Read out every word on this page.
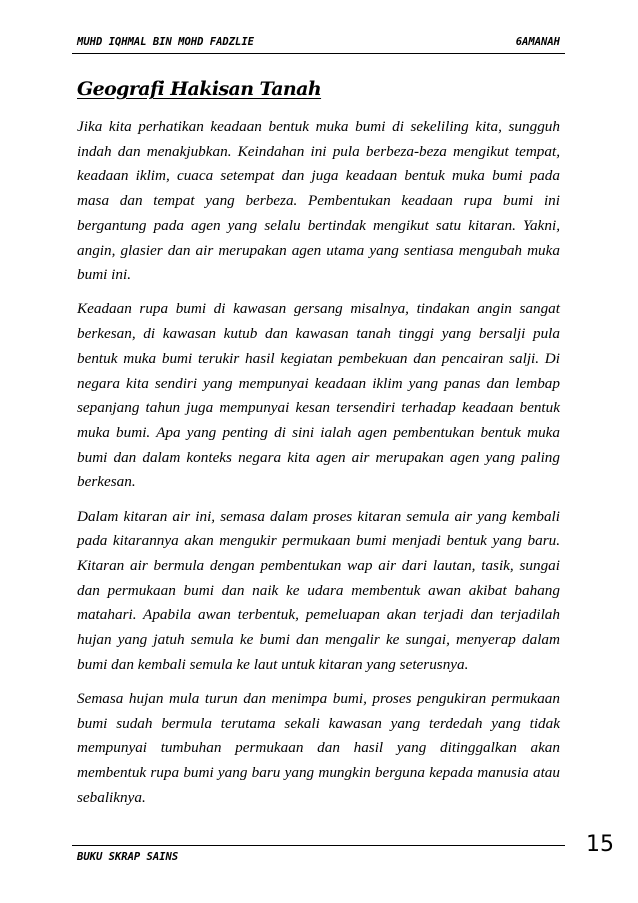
MUHD IQHMAL BIN MOHD FADZLIE	6AMANAH
Geografi Hakisan Tanah

Jika kita perhatikan keadaan bentuk muka bumi di sekeliling kita, sungguh indah dan menakjubkan. Keindahan ini pula berbeza-beza mengikut tempat, keadaan iklim, cuaca setempat dan juga keadaan bentuk muka bumi pada masa dan tempat yang berbeza. Pembentukan keadaan rupa bumi ini bergantung pada agen yang selalu bertindak mengikut satu kitaran. Yakni, angin, glasier dan air merupakan agen utama yang sentiasa mengubah muka bumi ini.

Keadaan rupa bumi di kawasan gersang misalnya, tindakan angin sangat berkesan, di kawasan kutub dan kawasan tanah tinggi yang bersalji pula bentuk muka bumi terukir hasil kegiatan pembekuan dan pencairan salji. Di negara kita sendiri yang mempunyai keadaan iklim yang panas dan lembap sepanjang tahun juga mempunyai kesan tersendiri terhadap keadaan bentuk muka bumi. Apa yang penting di sini ialah agen pembentukan bentuk muka bumi dan dalam konteks negara kita agen air merupakan agen yang paling berkesan.

Dalam kitaran air ini, semasa dalam proses kitaran semula air yang kembali pada kitarannya akan mengukir permukaan bumi menjadi bentuk yang baru. Kitaran air bermula dengan pembentukan wap air dari lautan, tasik, sungai dan permukaan bumi dan naik ke udara membentuk awan akibat bahang matahari. Apabila awan terbentuk, pemeluapan akan terjadi dan terjadilah hujan yang jatuh semula ke bumi dan mengalir ke sungai, menyerap dalam bumi dan kembali semula ke laut untuk kitaran yang seterusnya.

Semasa hujan mula turun dan menimpa bumi, proses pengukiran permukaan bumi sudah bermula terutama sekali kawasan yang terdedah yang tidak mempunyai tumbuhan permukaan dan hasil yang ditinggalkan akan membentuk rupa bumi yang baru yang mungkin berguna kepada manusia atau sebaliknya.

BUKU SKRAP SAINS	15
